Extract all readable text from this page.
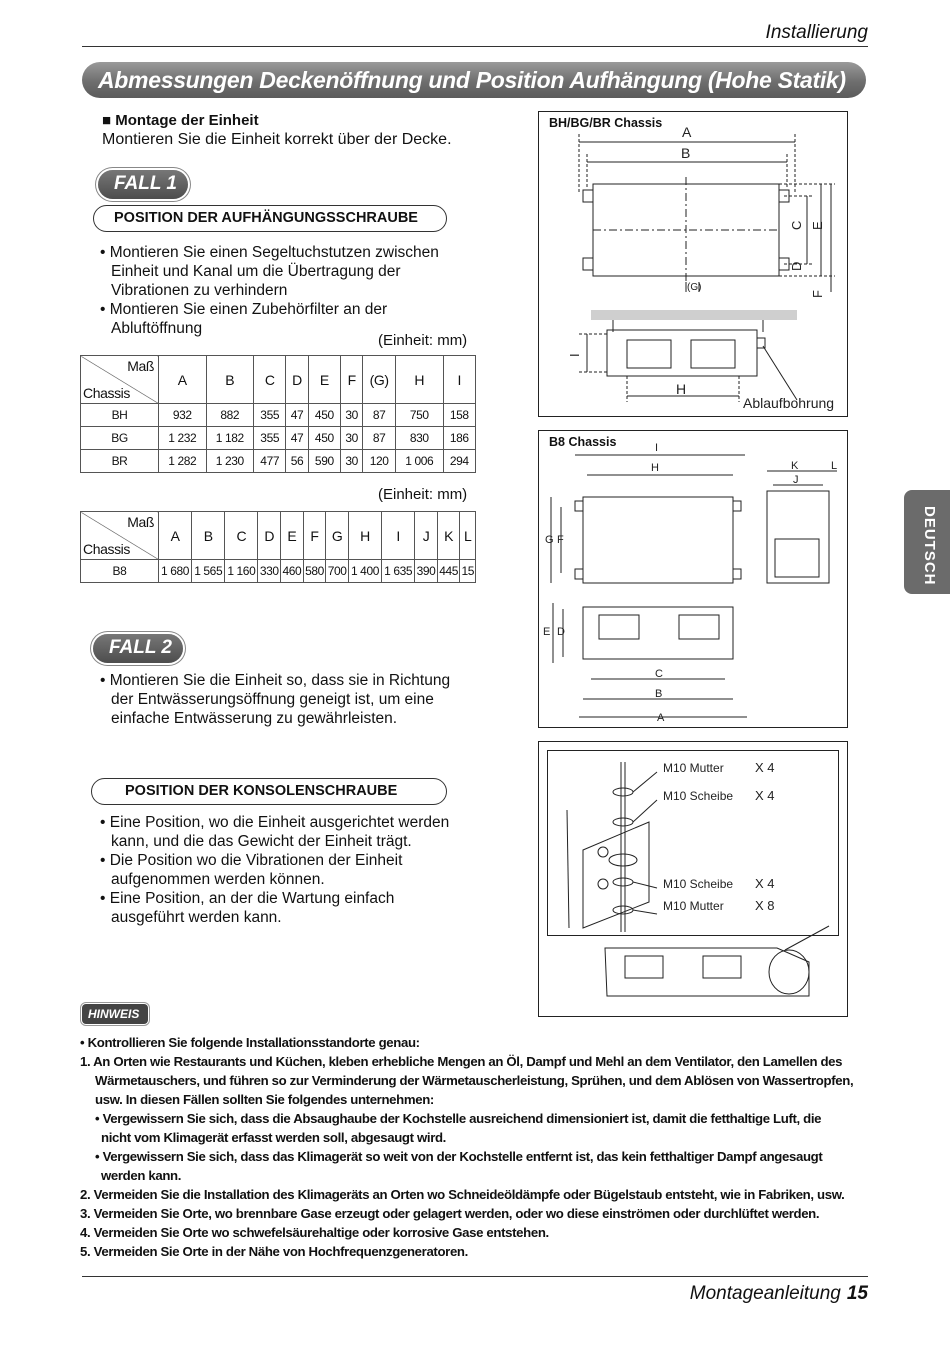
Installierung
Abmessungen Deckenöffnung und Position Aufhängung (Hohe Statik)
DEUTSCH
■ Montage der Einheit
Montieren Sie die Einheit korrekt über der Decke.
FALL 1
POSITION DER AUFHÄNGUNGSSCHRAUBE
• Montieren Sie einen Segeltuchstutzen zwischen Einheit und Kanal um die Übertragung der Vibrationen zu verhindern
• Montieren Sie einen Zubehörfilter an der Abluftöffnung
(Einheit: mm)
Maß
Chassis	A	B	C	D	E	F	(G)	H	I
BH	932	882	355	47	450	30	87	750	158
BG	1 232	1 182	355	47	450	30	87	830	186
BR	1 282	1 230	477	56	590	30	120	1 006	294
(Einheit: mm)
Maß
Chassis	A	B	C	D	E	F	G	H	I	J	K	L
B8	1 680	1 565	1 160	330	460	580	700	1 400	1 635	390	445	15
FALL 2
• Montieren Sie die Einheit so, dass sie in Richtung der Entwässerungsöffnung geneigt ist, um eine einfache Entwässerung zu gewährleisten.
POSITION DER KONSOLENSCHRAUBE
• Eine Position, wo die Einheit ausgerichtet werden kann, und die das Gewicht der Einheit trägt.
• Die Position wo die Vibrationen der Einheit aufgenommen werden können.
• Eine Position, an der die Wartung einfach ausgeführt werden kann.
BH/BG/BR Chassis
A
B
H
(G)
C
D
E
F
I
Ablaufbohrung
B8 Chassis	I
H
G F
K	L
J
E D
C
B
A
M10 Mutter X 4
M10 Scheibe X 4
M10 Scheibe X 4
M10 Mutter X 8
HINWEIS
• Kontrollieren Sie folgende Installationsstandorte genau:
1. An Orten wie Restaurants und Küchen, kleben erhebliche Mengen an Öl, Dampf und Mehl an dem Ventilator, den Lamellen des
Wärmetauschers, und führen so zur Verminderung der Wärmetauscherleistung, Sprühen, und dem Ablösen von Wassertropfen,
usw. In diesen Fällen sollten Sie folgendes unternehmen:
• Vergewissern Sie sich, dass die Absaughaube der Kochstelle ausreichend dimensioniert ist, damit die fetthaltige Luft, die
nicht vom Klimagerät erfasst werden soll, abgesaugt wird.
• Vergewissern Sie sich, dass das Klimagerät so weit von der Kochstelle entfernt ist, das kein fetthaltiger Dampf angesaugt
werden kann.
2. Vermeiden Sie die Installation des Klimageräts an Orten wo Schneideöldämpfe oder Bügelstaub entsteht, wie in Fabriken, usw.
3. Vermeiden Sie Orte, wo brennbare Gase erzeugt oder gelagert werden, oder wo diese einströmen oder durchlüftet werden.
4. Vermeiden Sie Orte wo schwefelsäurehaltige oder korrosive Gase entstehen.
5. Vermeiden Sie Orte in der Nähe von Hochfrequenzgeneratoren.
Montageanleitung 15
